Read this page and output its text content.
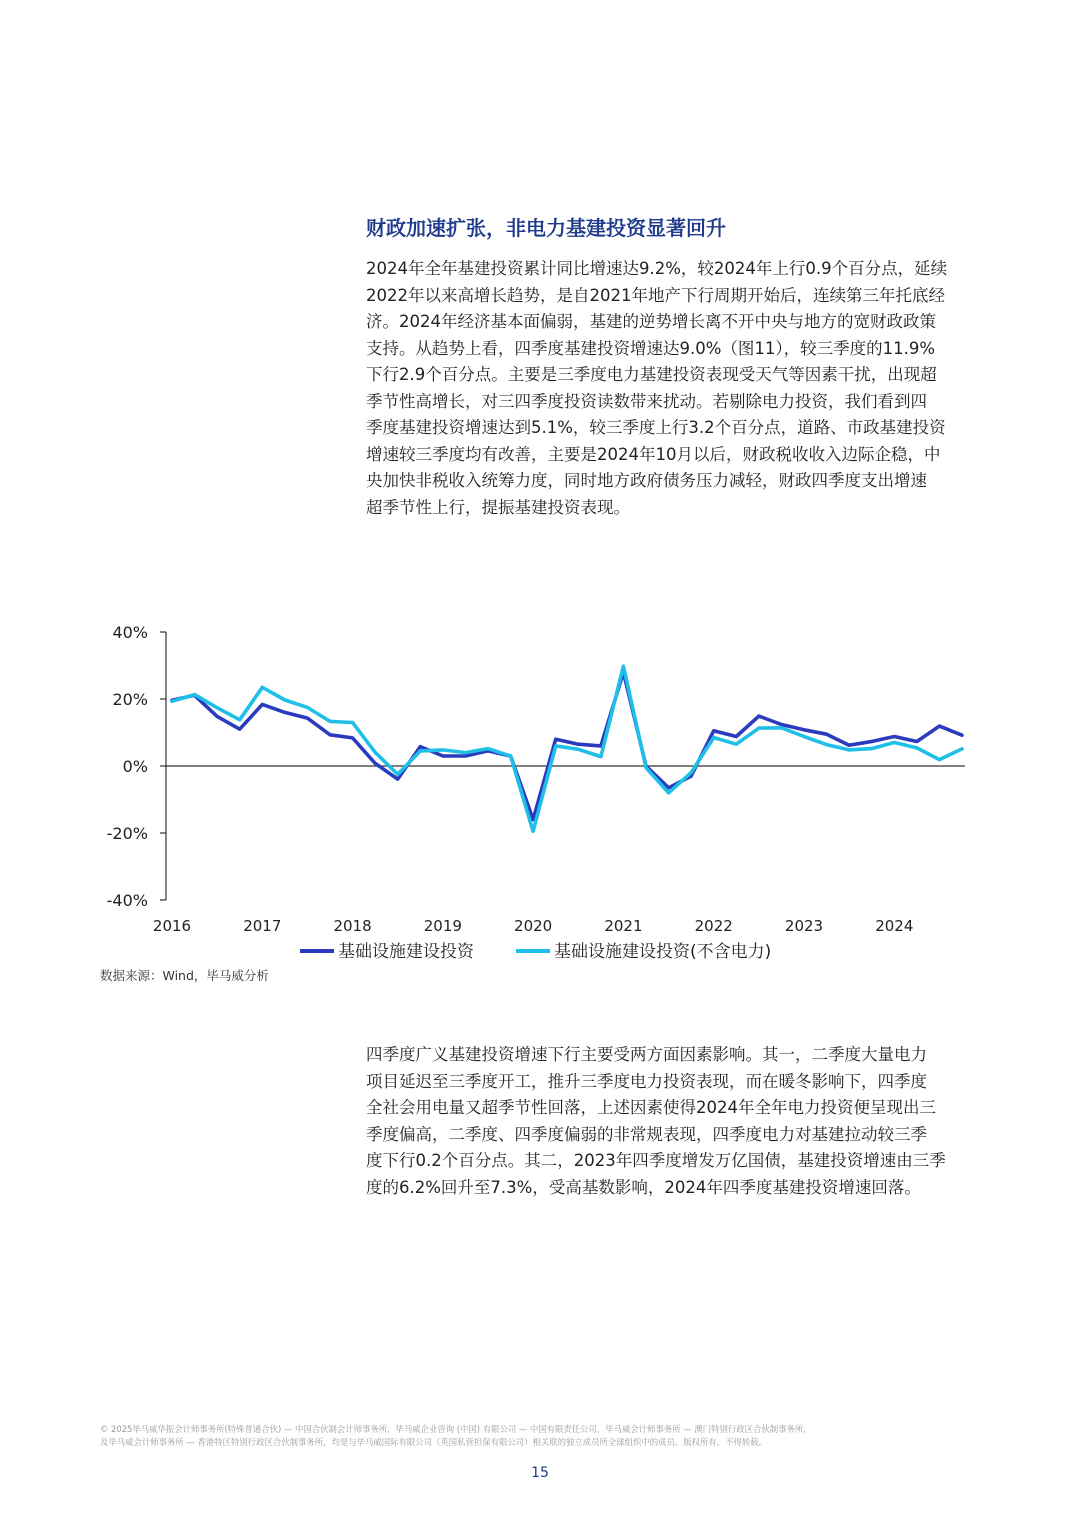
财政加速扩张，非电力基建投资显著回升

2024年全年基建投资累计同比增速达9.2%，较2024年上行0.9个百分点，延续

2022年以来高增长趋势，是自2021年地产下行周期开始后，连续第三年托底经

济。2024年经济基本面偏弱，基建的逆势增长离不开中央与地方的宽财政政策

支持。从趋势上看，四季度基建投资增速达9.0%（图11），较三季度的11.9%

下行2.9个百分点。主要是三季度电力基建投资表现受天气等因素干扰，出现超

季节性高增长，对三四季度投资读数带来扰动。若剔除电力投资，我们看到四

季度基建投资增速达到5.1%，较三季度上行3.2个百分点，道路、市政基建投资

增速较三季度均有改善，主要是2024年10月以后，财政税收收入边际企稳，中

央加快非税收入统筹力度，同时地方政府债务压力减轻，财政四季度支出增速

超季节性上行，提振基建投资表现。

40%
20%
0%
-20%
-40%
2016	2017	2018	2019	2020	2021	2022	2023	2024
基础设施建设投资	基础设施建设投资(不含电力)
数据来源：Wind，毕马威分析

四季度广义基建投资增速下行主要受两方面因素影响。其一，二季度大量电力

项目延迟至三季度开工，推升三季度电力投资表现，而在暖冬影响下，四季度

全社会用电量又超季节性回落，上述因素使得2024年全年电力投资便呈现出三

季度偏高，二季度、四季度偏弱的非常规表现，四季度电力对基建拉动较三季

度下行0.2个百分点。其二，2023年四季度增发万亿国债，基建投资增速由三季

度的6.2%回升至7.3%，受高基数影响，2024年四季度基建投资增速回落。

© 2025毕马威华振会计师事务所(特殊普通合伙) — 中国合伙制会计师事务所，毕马威企业咨询 (中国) 有限公司 — 中国有限责任公司，毕马威会计师事务所 — 澳门特别行政区合伙制事务所，
及毕马威会计师事务所 — 香港特区特别行政区合伙制事务所，均是与毕马威国际有限公司（英国私营担保有限公司）相关联的独立成员所全球组织中的成员。版权所有，不得转载。
15
